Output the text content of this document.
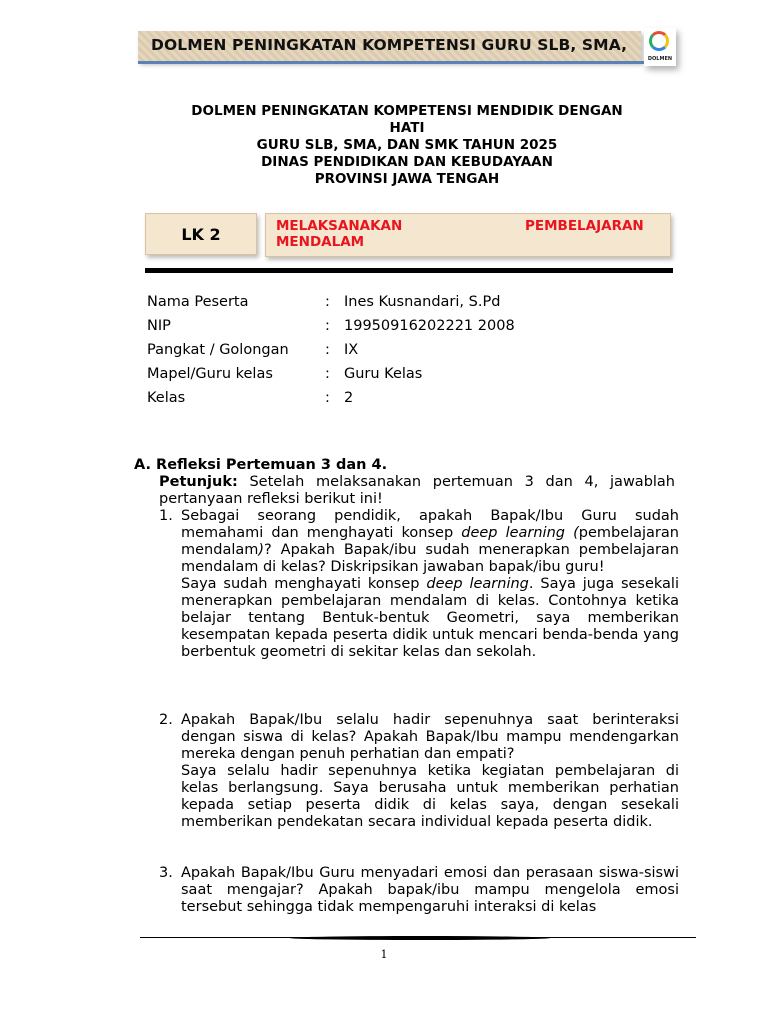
DOLMEN PENINGKATAN KOMPETENSI GURU SLB, SMA,
DOLMEN
DOLMEN PENINGKATAN KOMPETENSI MENDIDIK DENGAN
HATI
GURU SLB, SMA, DAN SMK TAHUN 2025
DINAS PENDIDIKAN DAN KEBUDAYAAN
PROVINSI JAWA TENGAH
LK 2	MELAKSANAKAN	PEMBELAJARAN
MENDALAM
Nama Peserta	: Ines Kusnandari, S.Pd
NIP	: 19950916202221 2008
Pangkat / Golongan	: IX
Mapel/Guru kelas	: Guru Kelas
Kelas	: 2
A. Refleksi Pertemuan 3 dan 4.
Petunjuk: Setelah melaksanakan pertemuan 3 dan 4, jawablah pertanyaan refleksi berikut ini!
1. Sebagai seorang pendidik, apakah Bapak/Ibu Guru sudah memahami dan menghayati konsep deep learning (pembelajaran mendalam)? Apakah Bapak/ibu sudah menerapkan pembelajaran mendalam di kelas? Diskripsikan jawaban bapak/ibu guru!

Saya sudah menghayati konsep deep learning. Saya juga sesekali menerapkan pembelajaran mendalam di kelas. Contohnya ketika belajar tentang Bentuk-bentuk Geometri, saya memberikan kesempatan kepada peserta didik untuk mencari benda-benda yang berbentuk geometri di sekitar kelas dan sekolah.

2. Apakah Bapak/Ibu selalu hadir sepenuhnya saat berinteraksi dengan siswa di kelas? Apakah Bapak/Ibu mampu mendengarkan mereka dengan penuh perhatian dan empati?

Saya selalu hadir sepenuhnya ketika kegiatan pembelajaran di kelas berlangsung. Saya berusaha untuk memberikan perhatian kepada setiap peserta didik di kelas saya, dengan sesekali memberikan pendekatan secara individual kepada peserta didik.

3. Apakah Bapak/Ibu Guru menyadari emosi dan perasaan siswa-siswi saat mengajar? Apakah bapak/ibu mampu mengelola emosi tersebut sehingga tidak mempengaruhi interaksi di kelas

1
